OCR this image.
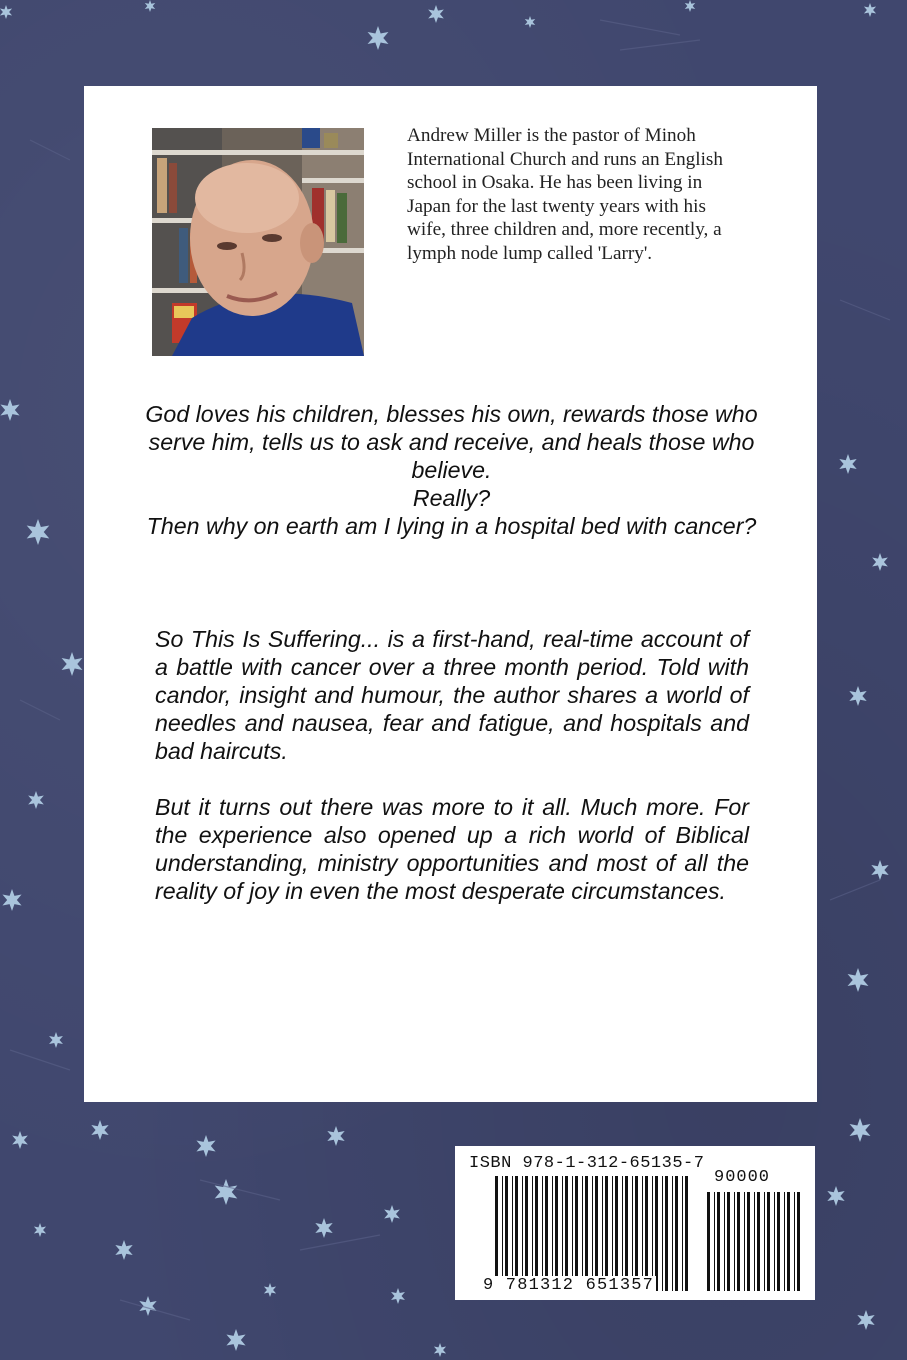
Andrew Miller is the pastor of Minoh International Church and runs an English school in Osaka. He has been living in Japan for the last twenty years with his wife, three children and, more recently, a lymph node lump called 'Larry'.

God loves his children, blesses his own, rewards those who serve him, tells us to ask and receive, and heals those who believe.

Really?

Then why on earth am I lying in a hospital bed with cancer?

So This Is Suffering... is a first-hand, real-time account of a battle with cancer over a three month period. Told with candor, insight and humour, the author shares a world of needles and nausea, fear and fatigue, and hospitals and bad haircuts.

But it turns out there was more to it all. Much more. For the experience also opened up a rich world of Biblical understanding, ministry opportunities and most of all the reality of joy in even the most desperate circumstances.

ISBN 978-1-312-65135-7
90000
9 781312 651357
